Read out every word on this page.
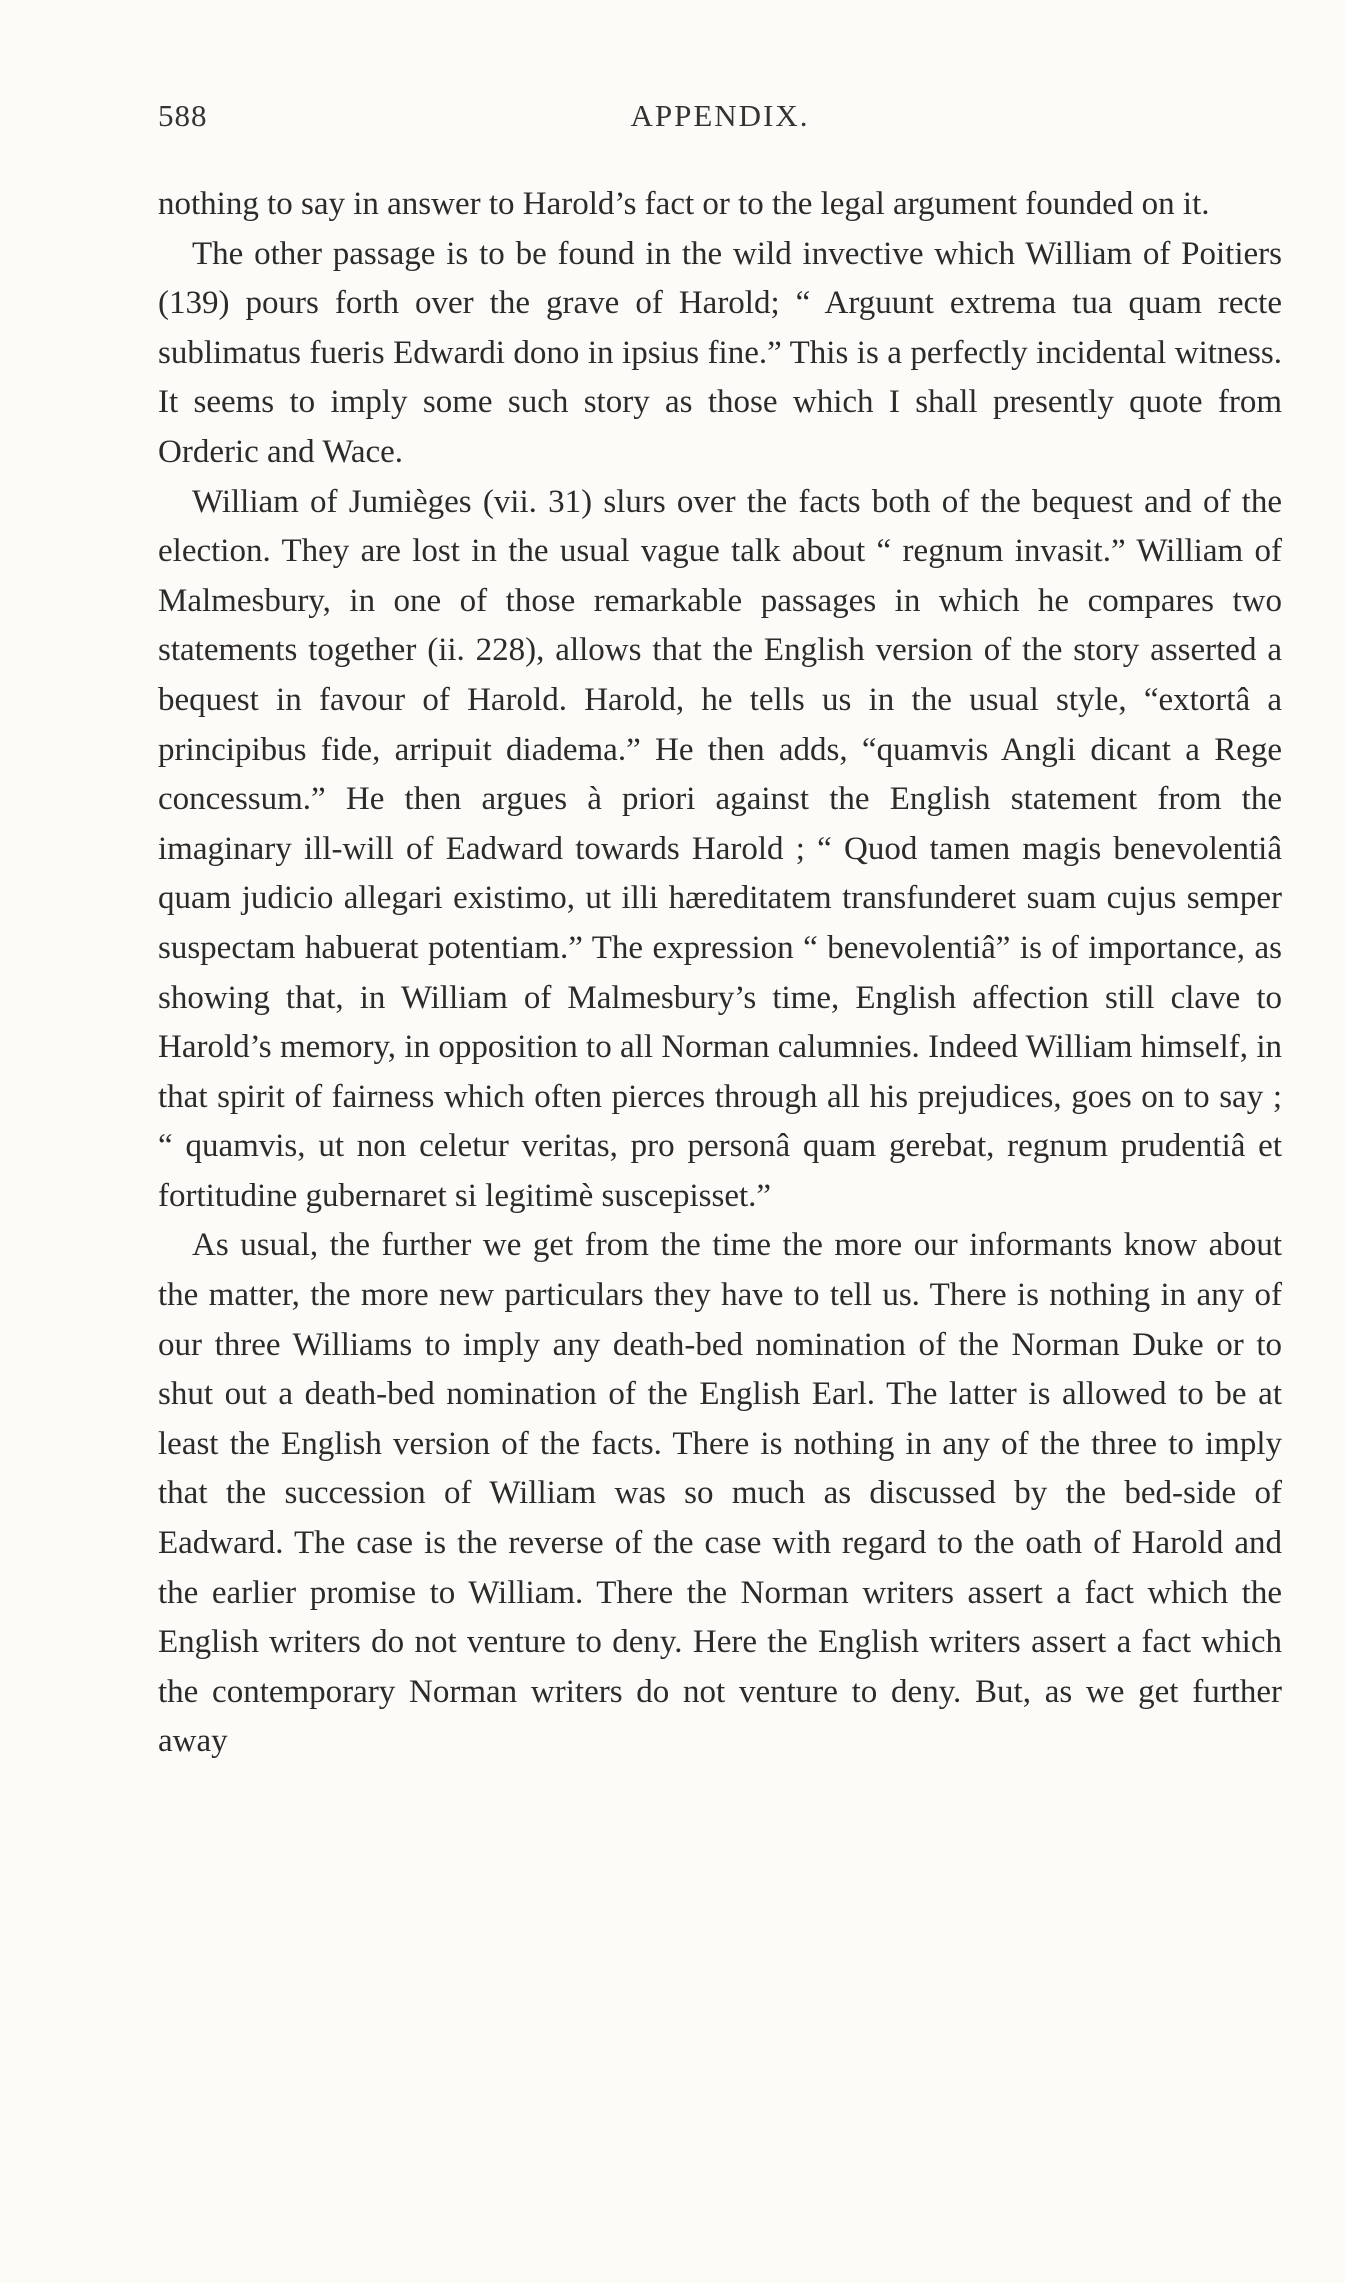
588	APPENDIX.

nothing to say in answer to Harold’s fact or to the legal argument founded on it.

The other passage is to be found in the wild invective which William of Poitiers (139) pours forth over the grave of Harold; “ Arguunt extrema tua quam recte sublimatus fueris Edwardi dono in ipsius fine.” This is a perfectly incidental witness. It seems to imply some such story as those which I shall presently quote from Orderic and Wace.

William of Jumièges (vii. 31) slurs over the facts both of the bequest and of the election. They are lost in the usual vague talk about “ regnum invasit.” William of Malmesbury, in one of those remarkable passages in which he compares two statements together (ii. 228), allows that the English version of the story asserted a bequest in favour of Harold. Harold, he tells us in the usual style, “extortâ a principibus fide, arripuit diadema.” He then adds, “quamvis Angli dicant a Rege concessum.” He then argues à priori against the English statement from the imaginary ill-will of Eadward towards Harold ; “ Quod tamen magis benevolentiâ quam judicio allegari existimo, ut illi hæreditatem transfunderet suam cujus semper suspectam habuerat potentiam.” The expression “ benevolentiâ” is of importance, as showing that, in William of Malmesbury’s time, English affection still clave to Harold’s memory, in opposition to all Norman calumnies. Indeed William himself, in that spirit of fairness which often pierces through all his prejudices, goes on to say ; “ quamvis, ut non celetur veritas, pro personâ quam gerebat, regnum prudentiâ et fortitudine gubernaret si legitimè suscepisset.”

As usual, the further we get from the time the more our informants know about the matter, the more new particulars they have to tell us. There is nothing in any of our three Williams to imply any death-bed nomination of the Norman Duke or to shut out a death-bed nomination of the English Earl. The latter is allowed to be at least the English version of the facts. There is nothing in any of the three to imply that the succession of William was so much as discussed by the bed-side of Eadward. The case is the reverse of the case with regard to the oath of Harold and the earlier promise to William. There the Norman writers assert a fact which the English writers do not venture to deny. Here the English writers assert a fact which the contemporary Norman writers do not venture to deny. But, as we get further away
